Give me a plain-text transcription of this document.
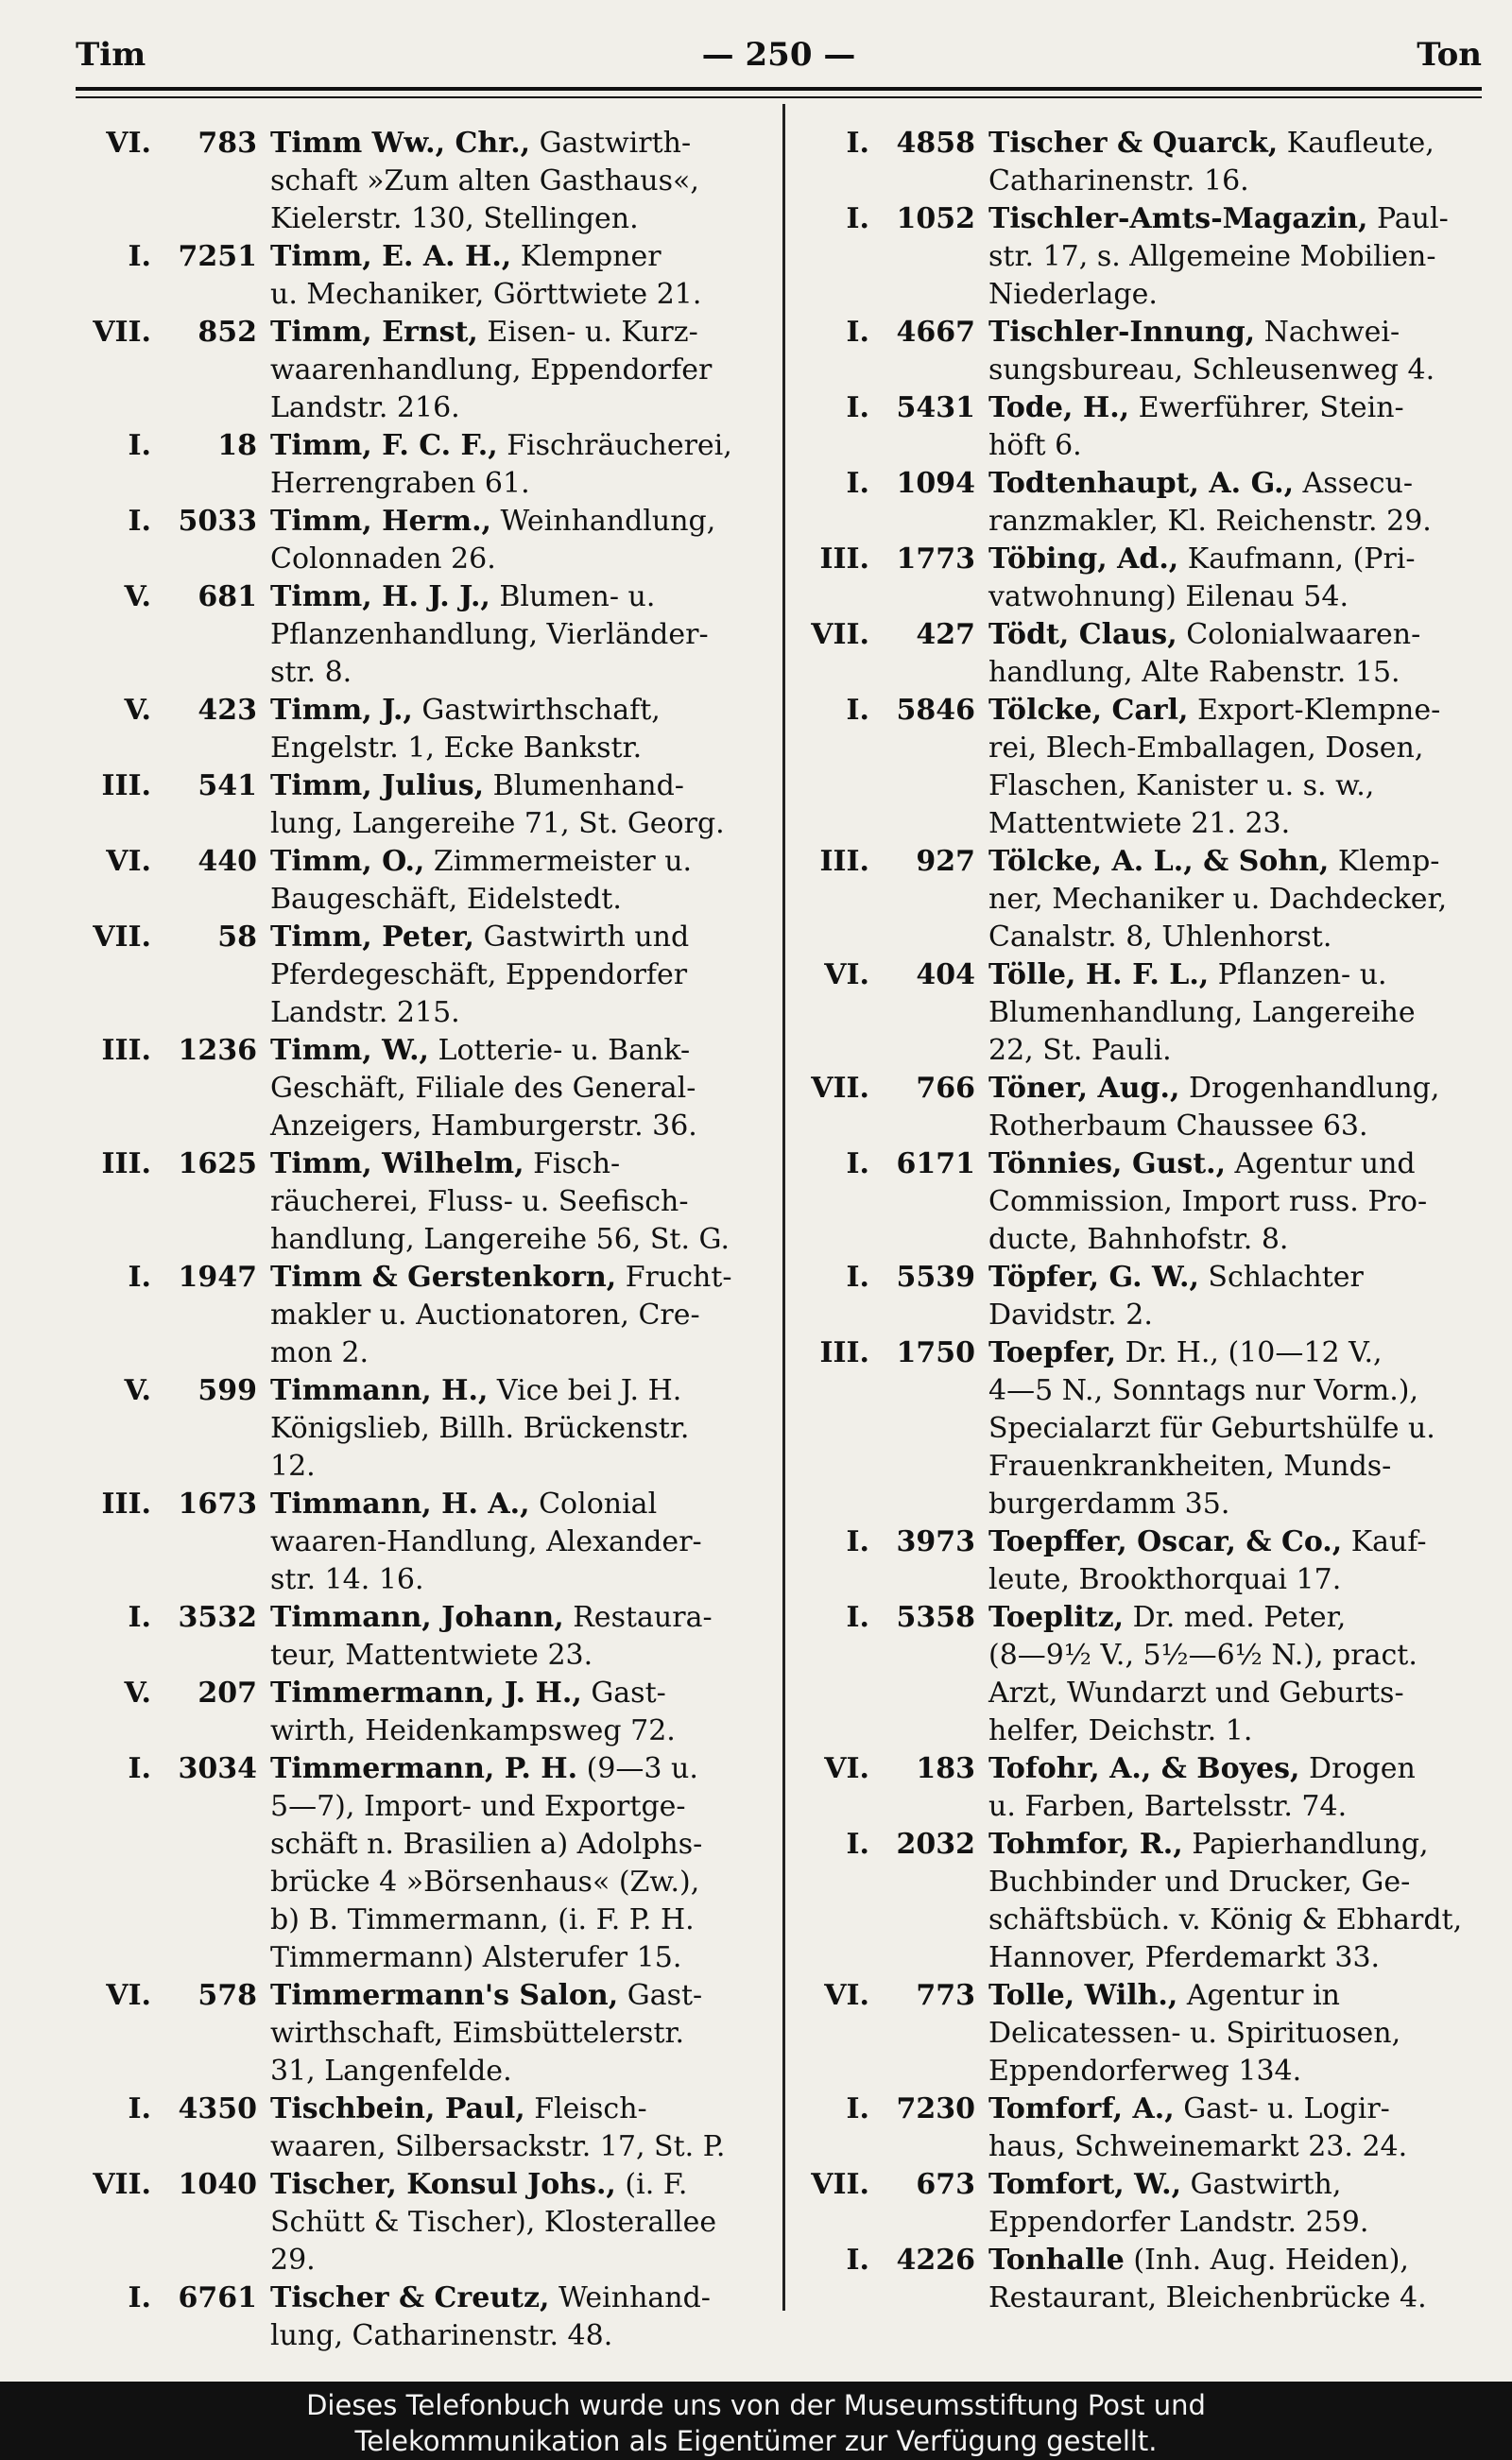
Tim	— 250 —	Ton
VI.	783 Timm Ww., Chr., Gastwirth-
schaft »Zum alten Gasthaus«,
Kielerstr. 130, Stellingen.
I. 7251 Timm, E. A. H., Klempner
u. Mechaniker, Görttwiete 21.
VII.	852 Timm, Ernst, Eisen- u. Kurz-
waarenhandlung, Eppendorfer
Landstr. 216.
I.	18 Timm, F. C. F., Fischräucherei,
Herrengraben 61.
I. 5033 Timm, Herm., Weinhandlung,
Colonnaden 26.
V.	681 Timm, H. J. J., Blumen- u.
Pflanzenhandlung, Vierländer-
str. 8.
V.	423 Timm, J., Gastwirthschaft,
Engelstr. 1, Ecke Bankstr.
III.	541 Timm, Julius, Blumenhand-
lung, Langereihe 71, St. Georg.
VI.	440 Timm, O., Zimmermeister u.
Baugeschäft, Eidelstedt.
VII.	58 Timm, Peter, Gastwirth und
Pferdegeschäft, Eppendorfer
Landstr. 215.
III. 1236 Timm, W., Lotterie- u. Bank-
Geschäft, Filiale des General-
Anzeigers, Hamburgerstr. 36.
III. 1625 Timm, Wilhelm, Fisch-
räucherei, Fluss- u. Seefisch-
handlung, Langereihe 56, St. G.
I. 1947 Timm & Gerstenkorn, Frucht-
makler u. Auctionatoren, Cre-
mon 2.
V.	599 Timmann, H., Vice bei J. H.
Königslieb, Billh. Brückenstr.
12.
III. 1673 Timmann, H. A., Colonial
waaren-Handlung, Alexander-
str. 14. 16.
I. 3532 Timmann, Johann, Restaura-
teur, Mattentwiete 23.
V.	207 Timmermann, J. H., Gast-
wirth, Heidenkampsweg 72.
I. 3034 Timmermann, P. H. (9—3 u.
5—7), Import- und Exportge-
schäft n. Brasilien a) Adolphs-
brücke 4 »Börsenhaus« (Zw.),
b) B. Timmermann, (i. F. P. H.
Timmermann) Alsterufer 15.
VI.	578 Timmermann's Salon, Gast-
wirthschaft, Eimsbüttelerstr.
31, Langenfelde.
I. 4350 Tischbein, Paul, Fleisch-
waaren, Silbersackstr. 17, St. P.
VII. 1040 Tischer, Konsul Johs., (i. F.
Schütt & Tischer), Klosterallee
29.
I. 6761 Tischer & Creutz, Weinhand-
lung, Catharinenstr. 48.
I. 4858 Tischer & Quarck, Kaufleute,
Catharinenstr. 16.
I. 1052 Tischler-Amts-Magazin, Paul-
str. 17, s. Allgemeine Mobilien-
Niederlage.
I. 4667 Tischler-Innung, Nachwei-
sungsbureau, Schleusenweg 4.
I. 5431 Tode, H., Ewerführer, Stein-
höft 6.
I. 1094 Todtenhaupt, A. G., Assecu-
ranzmakler, Kl. Reichenstr. 29.
III. 1773 Töbing, Ad., Kaufmann, (Pri-
vatwohnung) Eilenau 54.
VII.	427 Tödt, Claus, Colonialwaaren-
handlung, Alte Rabenstr. 15.
I. 5846 Tölcke, Carl, Export-Klempne-
rei, Blech-Emballagen, Dosen,
Flaschen, Kanister u. s. w.,
Mattentwiete 21. 23.
III.	927 Tölcke, A. L., & Sohn, Klemp-
ner, Mechaniker u. Dachdecker,
Canalstr. 8, Uhlenhorst.
VI.	404 Tölle, H. F. L., Pflanzen- u.
Blumenhandlung, Langereihe
22, St. Pauli.
VII.	766 Töner, Aug., Drogenhandlung,
Rotherbaum Chaussee 63.
I. 6171 Tönnies, Gust., Agentur und
Commission, Import russ. Pro-
ducte, Bahnhofstr. 8.
I. 5539 Töpfer, G. W., Schlachter
Davidstr. 2.
III. 1750 Toepfer, Dr. H., (10—12 V.,
4—5 N., Sonntags nur Vorm.),
Specialarzt für Geburtshülfe u.
Frauenkrankheiten, Munds-
burgerdamm 35.
I. 3973 Toepffer, Oscar, & Co., Kauf-
leute, Brookthorquai 17.
I. 5358 Toeplitz, Dr. med. Peter,
(8—9½ V., 5½—6½ N.), pract.
Arzt, Wundarzt und Geburts-
helfer, Deichstr. 1.
VI.	183 Tofohr, A., & Boyes, Drogen
u. Farben, Bartelsstr. 74.
I. 2032 Tohmfor, R., Papierhandlung,
Buchbinder und Drucker, Ge-
schäftsbüch. v. König & Ebhardt,
Hannover, Pferdemarkt 33.
VI.	773 Tolle, Wilh., Agentur in
Delicatessen- u. Spirituosen,
Eppendorferweg 134.
I. 7230 Tomforf, A., Gast- u. Logir-
haus, Schweinemarkt 23. 24.
VII.	673 Tomfort, W., Gastwirth,
Eppendorfer Landstr. 259.
I. 4226 Tonhalle (Inh. Aug. Heiden),
Restaurant, Bleichenbrücke 4.
Dieses Telefonbuch wurde uns von der Museumsstiftung Post und
Telekommunikation als Eigentümer zur Verfügung gestellt.
